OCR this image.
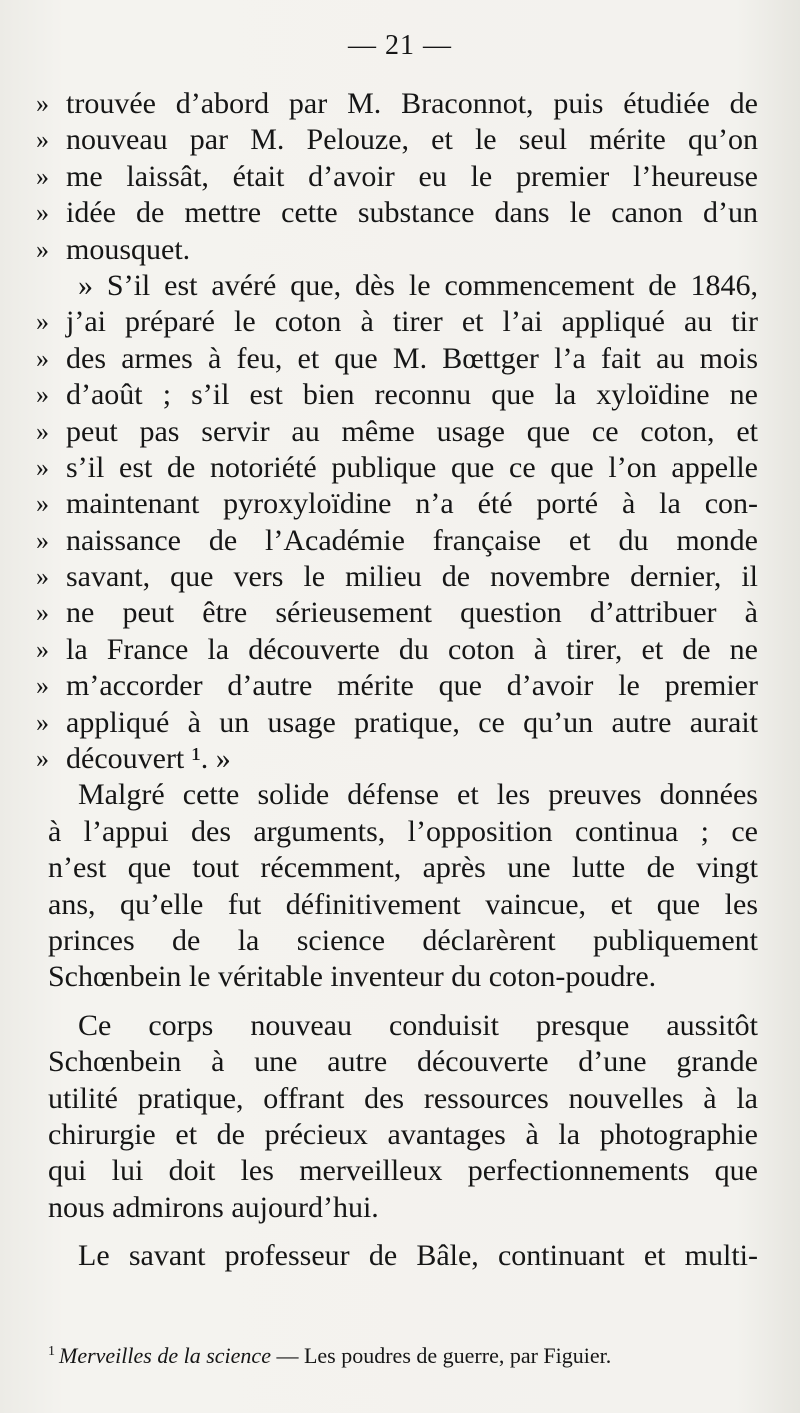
— 21 —
» trouvée d’abord par M. Braconnot, puis étudiée de
» nouveau par M. Pelouze, et le seul mérite qu’on
» me laissât, était d’avoir eu le premier l’heureuse
» idée de mettre cette substance dans le canon d’un
» mousquet.
» S’il est avéré que, dès le commencement de 1846,
» j’ai préparé le coton à tirer et l’ai appliqué au tir
» des armes à feu, et que M. Bœttger l’a fait au mois
» d’août ; s’il est bien reconnu que la xyloïdine ne
» peut pas servir au même usage que ce coton, et
» s’il est de notoriété publique que ce que l’on appelle
» maintenant pyroxyloïdine n’a été porté à la con-
» naissance de l’Académie française et du monde
» savant, que vers le milieu de novembre dernier, il
» ne peut être sérieusement question d’attribuer à
» la France la découverte du coton à tirer, et de ne
» m’accorder d’autre mérite que d’avoir le premier
» appliqué à un usage pratique, ce qu’un autre aurait
» découvert ¹. »
Malgré cette solide défense et les preuves données
à l’appui des arguments, l’opposition continua ; ce
n’est que tout récemment, après une lutte de vingt
ans, qu’elle fut définitivement vaincue, et que les
princes de la science déclarèrent publiquement
Schœnbein le véritable inventeur du coton-poudre.
Ce corps nouveau conduisit presque aussitôt
Schœnbein à une autre découverte d’une grande
utilité pratique, offrant des ressources nouvelles à la
chirurgie et de précieux avantages à la photographie
qui lui doit les merveilleux perfectionnements que
nous admirons aujourd’hui.
Le savant professeur de Bâle, continuant et multi-
$^1$ Merveilles de la science — Les poudres de guerre, par Figuier.
